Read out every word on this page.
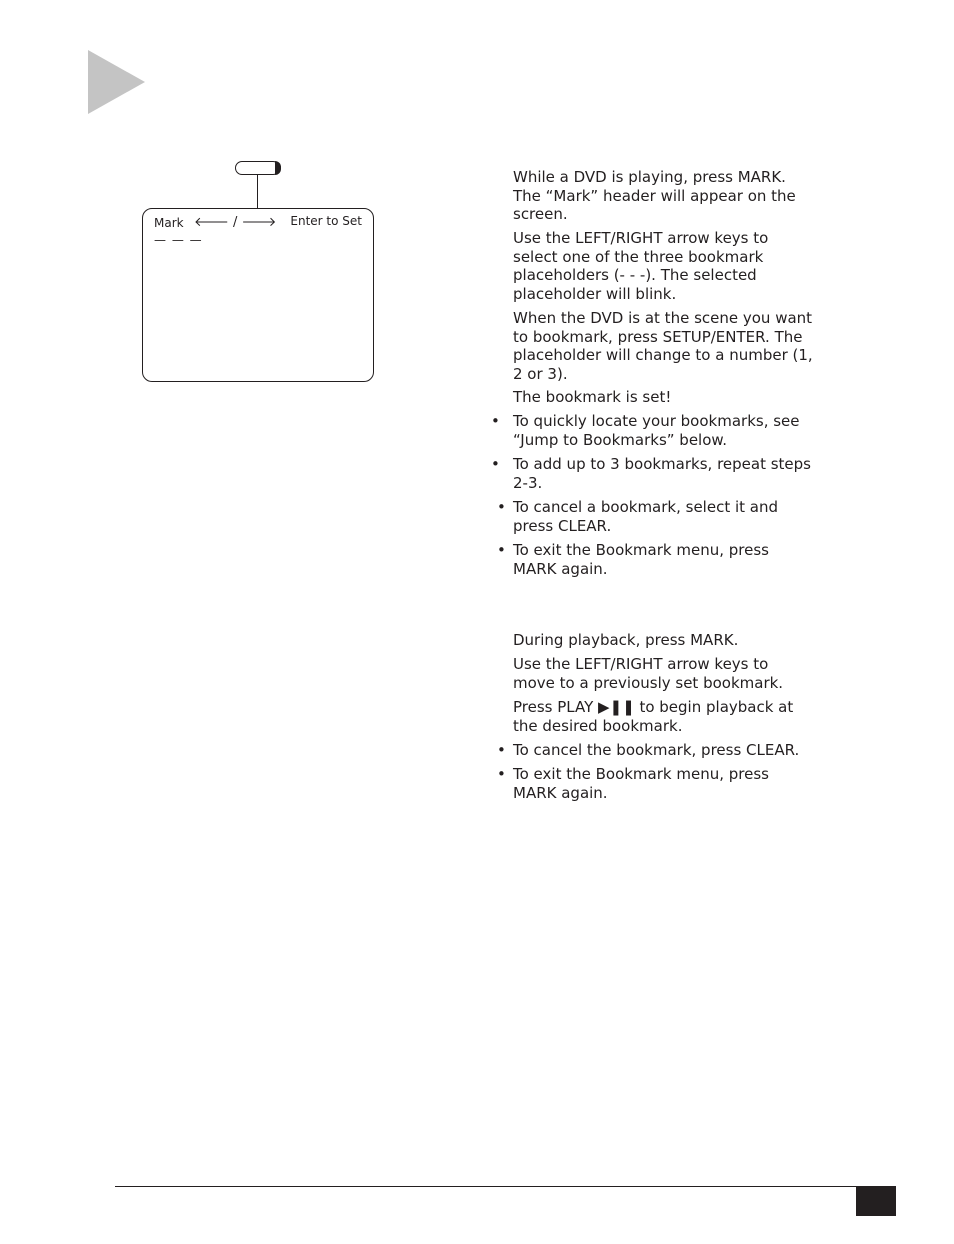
Mark 🡐 / 🡒 Enter to Set
— — —
While a DVD is playing, press MARK. The “Mark” header will appear on the screen.
Use the LEFT/RIGHT arrow keys to select one of the three bookmark placeholders (- - -). The selected placeholder will blink.
When the DVD is at the scene you want to bookmark, press SETUP/ENTER. The placeholder will change to a number (1, 2 or 3).
The bookmark is set!
• To quickly locate your bookmarks, see “Jump to Bookmarks” below.
• To add up to 3 bookmarks, repeat steps 2-3.
• To cancel a bookmark, select it and press CLEAR.
• To exit the Bookmark menu, press MARK again.
During playback, press MARK.
Use the LEFT/RIGHT arrow keys to move to a previously set bookmark.
Press PLAY ▶❚❚ to begin playback at the desired bookmark.
• To cancel the bookmark, press CLEAR.
• To exit the Bookmark menu, press MARK again.
